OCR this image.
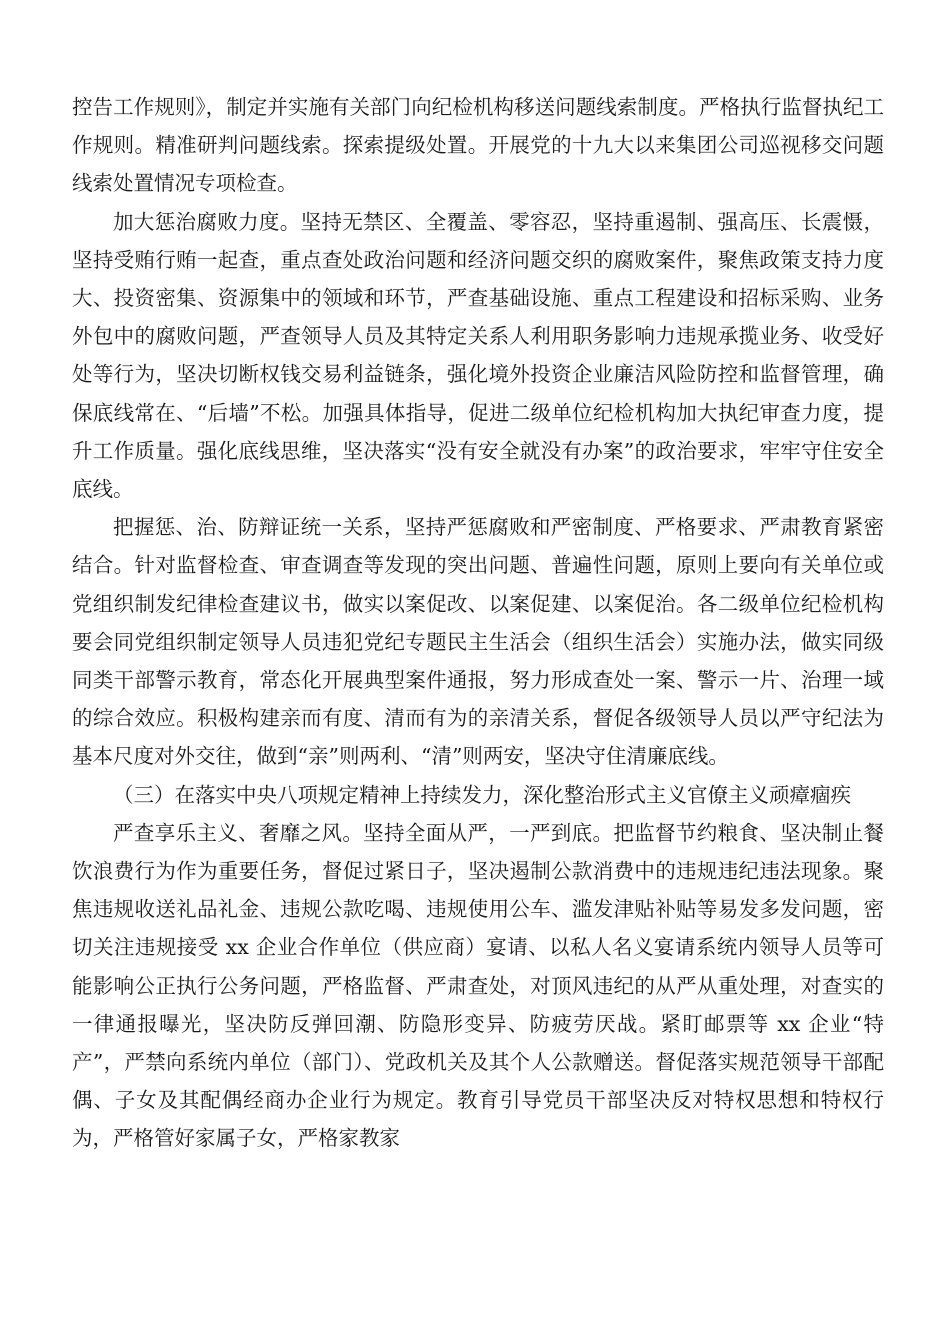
控告工作规则》，制定并实施有关部门向纪检机构移送问题线索制度。严格执行监督执纪工作规则。精准研判问题线索。探索提级处置。开展党的十九大以来集团公司巡视移交问题线索处置情况专项检查。

加大惩治腐败力度。坚持无禁区、全覆盖、零容忍，坚持重遏制、强高压、长震慑，坚持受贿行贿一起查，重点查处政治问题和经济问题交织的腐败案件，聚焦政策支持力度大、投资密集、资源集中的领域和环节，严查基础设施、重点工程建设和招标采购、业务外包中的腐败问题，严查领导人员及其特定关系人利用职务影响力违规承揽业务、收受好处等行为，坚决切断权钱交易利益链条，强化境外投资企业廉洁风险防控和监督管理，确保底线常在、“后墙”不松。加强具体指导，促进二级单位纪检机构加大执纪审查力度，提升工作质量。强化底线思维，坚决落实“没有安全就没有办案”的政治要求，牢牢守住安全底线。

把握惩、治、防辩证统一关系，坚持严惩腐败和严密制度、严格要求、严肃教育紧密结合。针对监督检查、审查调查等发现的突出问题、普遍性问题，原则上要向有关单位或党组织制发纪律检查建议书，做实以案促改、以案促建、以案促治。各二级单位纪检机构要会同党组织制定领导人员违犯党纪专题民主生活会（组织生活会）实施办法，做实同级同类干部警示教育，常态化开展典型案件通报，努力形成查处一案、警示一片、治理一域的综合效应。积极构建亲而有度、清而有为的亲清关系，督促各级领导人员以严守纪法为基本尺度对外交往，做到“亲”则两利、“清”则两安，坚决守住清廉底线。

（三）在落实中央八项规定精神上持续发力，深化整治形式主义官僚主义顽瘴痼疾

严查享乐主义、奢靡之风。坚持全面从严，一严到底。把监督节约粮食、坚决制止餐饮浪费行为作为重要任务，督促过紧日子，坚决遏制公款消费中的违规违纪违法现象。聚焦违规收送礼品礼金、违规公款吃喝、违规使用公车、滥发津贴补贴等易发多发问题，密切关注违规接受 xx 企业合作单位（供应商）宴请、以私人名义宴请系统内领导人员等可能影响公正执行公务问题，严格监督、严肃查处，对顶风违纪的从严从重处理，对查实的一律通报曝光，坚决防反弹回潮、防隐形变异、防疲劳厌战。紧盯邮票等 xx 企业“特产”，严禁向系统内单位（部门）、党政机关及其个人公款赠送。督促落实规范领导干部配偶、子女及其配偶经商办企业行为规定。教育引导党员干部坚决反对特权思想和特权行为，严格管好家属子女，严格家教家
